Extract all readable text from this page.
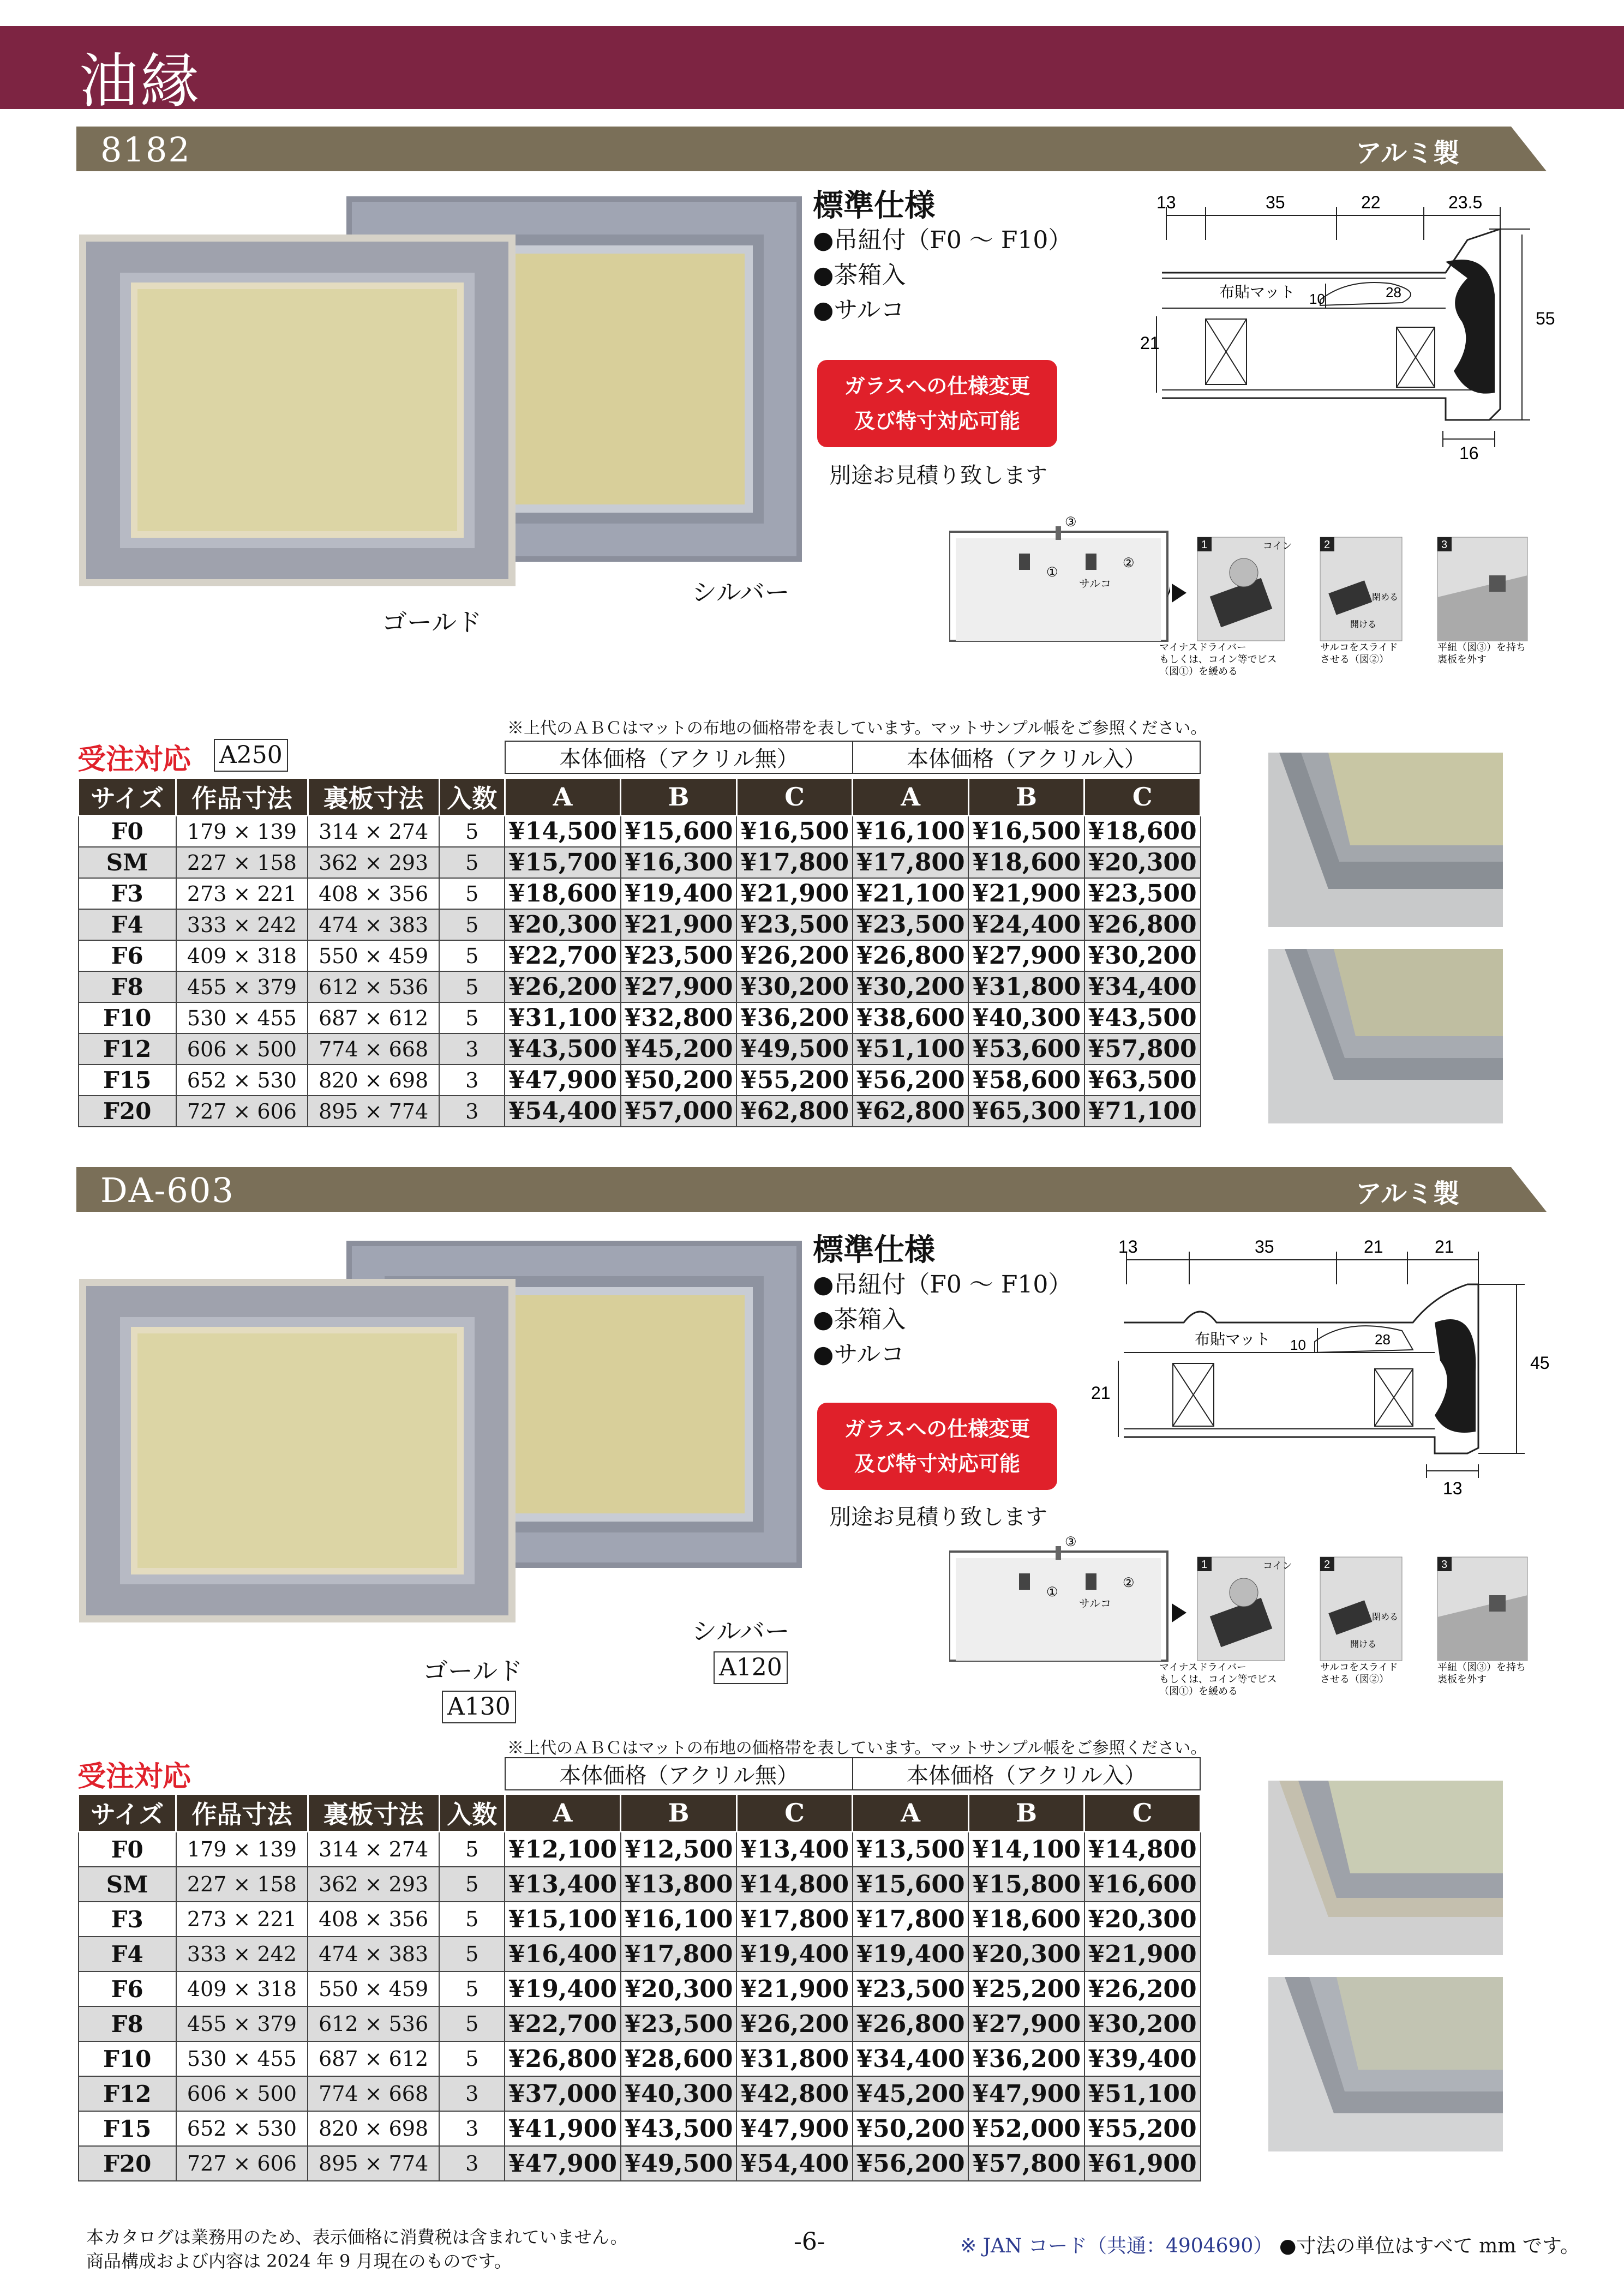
油縁
8182	アルミ製
ゴールド
シルバー
標準仕様
●吊紐付（F0 ～ F10）
●茶箱入
●サルコ
ガラスへの仕様変更
及び特寸対応可能
別途お見積り致します
13	35	22	23.5
55
21
16
布貼マット 10	28
③
①
②
サルコ
1	コイン	2
閉める
開ける
3
マイナスドライバー
もしくは、コイン等でビス
（図①）を緩める
サルコをスライド
させる（図②）
平紐（図③）を持ち
裏板を外す
受注対応 A250
※上代のＡＢＣはマットの布地の価格帯を表しています。マットサンプル帳をご参照ください。
本体価格（アクリル無）	本体価格（アクリル入）
サイズ	作品寸法	裏板寸法	入数	A	B	C	A	B	C
F0	179 × 139	314 × 274	5	¥14,500	¥15,600	¥16,500	¥16,100	¥16,500	¥18,600
SM	227 × 158	362 × 293	5	¥15,700	¥16,300	¥17,800	¥17,800	¥18,600	¥20,300
F3	273 × 221	408 × 356	5	¥18,600	¥19,400	¥21,900	¥21,100	¥21,900	¥23,500
F4	333 × 242	474 × 383	5	¥20,300	¥21,900	¥23,500	¥23,500	¥24,400	¥26,800
F6	409 × 318	550 × 459	5	¥22,700	¥23,500	¥26,200	¥26,800	¥27,900	¥30,200
F8	455 × 379	612 × 536	5	¥26,200	¥27,900	¥30,200	¥30,200	¥31,800	¥34,400
F10	530 × 455	687 × 612	5	¥31,100	¥32,800	¥36,200	¥38,600	¥40,300	¥43,500
F12	606 × 500	774 × 668	3	¥43,500	¥45,200	¥49,500	¥51,100	¥53,600	¥57,800
F15	652 × 530	820 × 698	3	¥47,900	¥50,200	¥55,200	¥56,200	¥58,600	¥63,500
F20	727 × 606	895 × 774	3	¥54,400	¥57,000	¥62,800	¥62,800	¥65,300	¥71,100
DA-603	アルミ製
ゴールド
A130
シルバー
A120
標準仕様
●吊紐付（F0 ～ F10）
●茶箱入
●サルコ
ガラスへの仕様変更
及び特寸対応可能
別途お見積り致します
13	35	21	21
45
21
13
布貼マット 10	28
③
①
②
サルコ
1	コイン	2
閉める
開ける
3
マイナスドライバー
もしくは、コイン等でビス
（図①）を緩める
サルコをスライド
させる（図②）
平紐（図③）を持ち
裏板を外す
受注対応
※上代のＡＢＣはマットの布地の価格帯を表しています。マットサンプル帳をご参照ください。
本体価格（アクリル無）	本体価格（アクリル入）
サイズ	作品寸法	裏板寸法	入数	A	B	C	A	B	C
F0	179 × 139	314 × 274	5	¥12,100	¥12,500	¥13,400	¥13,500	¥14,100	¥14,800
SM	227 × 158	362 × 293	5	¥13,400	¥13,800	¥14,800	¥15,600	¥15,800	¥16,600
F3	273 × 221	408 × 356	5	¥15,100	¥16,100	¥17,800	¥17,800	¥18,600	¥20,300
F4	333 × 242	474 × 383	5	¥16,400	¥17,800	¥19,400	¥19,400	¥20,300	¥21,900
F6	409 × 318	550 × 459	5	¥19,400	¥20,300	¥21,900	¥23,500	¥25,200	¥26,200
F8	455 × 379	612 × 536	5	¥22,700	¥23,500	¥26,200	¥26,800	¥27,900	¥30,200
F10	530 × 455	687 × 612	5	¥26,800	¥28,600	¥31,800	¥34,400	¥36,200	¥39,400
F12	606 × 500	774 × 668	3	¥37,000	¥40,300	¥42,800	¥45,200	¥47,900	¥51,100
F15	652 × 530	820 × 698	3	¥41,900	¥43,500	¥47,900	¥50,200	¥52,000	¥55,200
F20	727 × 606	895 × 774	3	¥47,900	¥49,500	¥54,400	¥56,200	¥57,800	¥61,900
本カタログは業務用のため、表示価格に消費税は含まれていません。
商品構成および内容は 2024 年 9 月現在のものです。
-6-	※ JAN コード（共通：4904690） ●寸法の単位はすべて mm です。
